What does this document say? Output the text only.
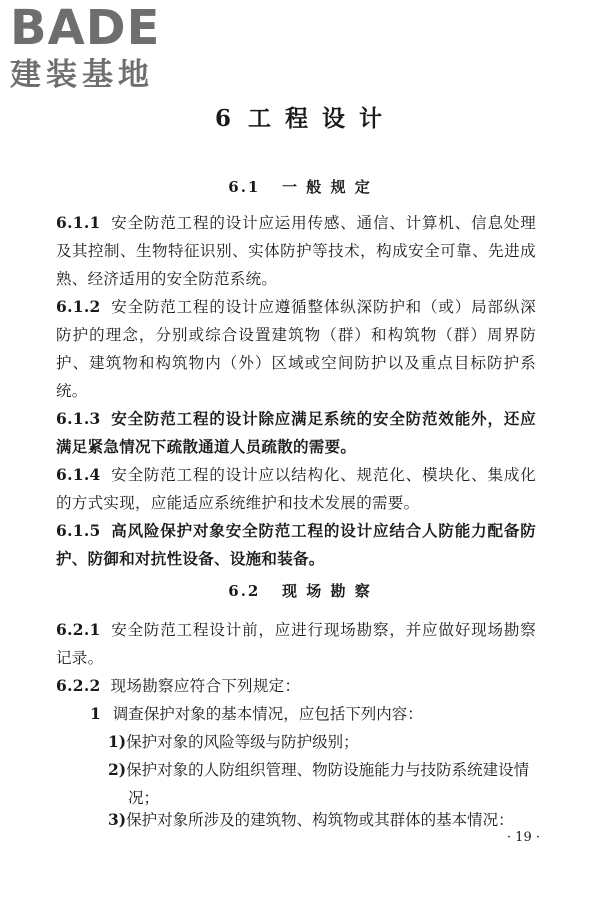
BADE
建装基地
6 工 程 设 计
6.1 一 般 规 定
6.1.1 安全防范工程的设计应运用传感、通信、计算机、信息处理及其控制、生物特征识别、实体防护等技术，构成安全可靠、先进成熟、经济适用的安全防范系统。
6.1.2 安全防范工程的设计应遵循整体纵深防护和（或）局部纵深防护的理念，分别或综合设置建筑物（群）和构筑物（群）周界防护、建筑物和构筑物内（外）区域或空间防护以及重点目标防护系统。
6.1.3 安全防范工程的设计除应满足系统的安全防范效能外，还应满足紧急情况下疏散通道人员疏散的需要。
6.1.4 安全防范工程的设计应以结构化、规范化、模块化、集成化的方式实现，应能适应系统维护和技术发展的需要。
6.1.5 高风险保护对象安全防范工程的设计应结合人防能力配备防护、防御和对抗性设备、设施和装备。
6.2 现 场 勘 察
6.2.1 安全防范工程设计前，应进行现场勘察，并应做好现场勘察记录。
6.2.2 现场勘察应符合下列规定：
1 调查保护对象的基本情况，应包括下列内容：
1)保护对象的风险等级与防护级别；
2)保护对象的人防组织管理、物防设施能力与技防系统建设情况；
3)保护对象所涉及的建筑物、构筑物或其群体的基本情况：
· 19 ·
